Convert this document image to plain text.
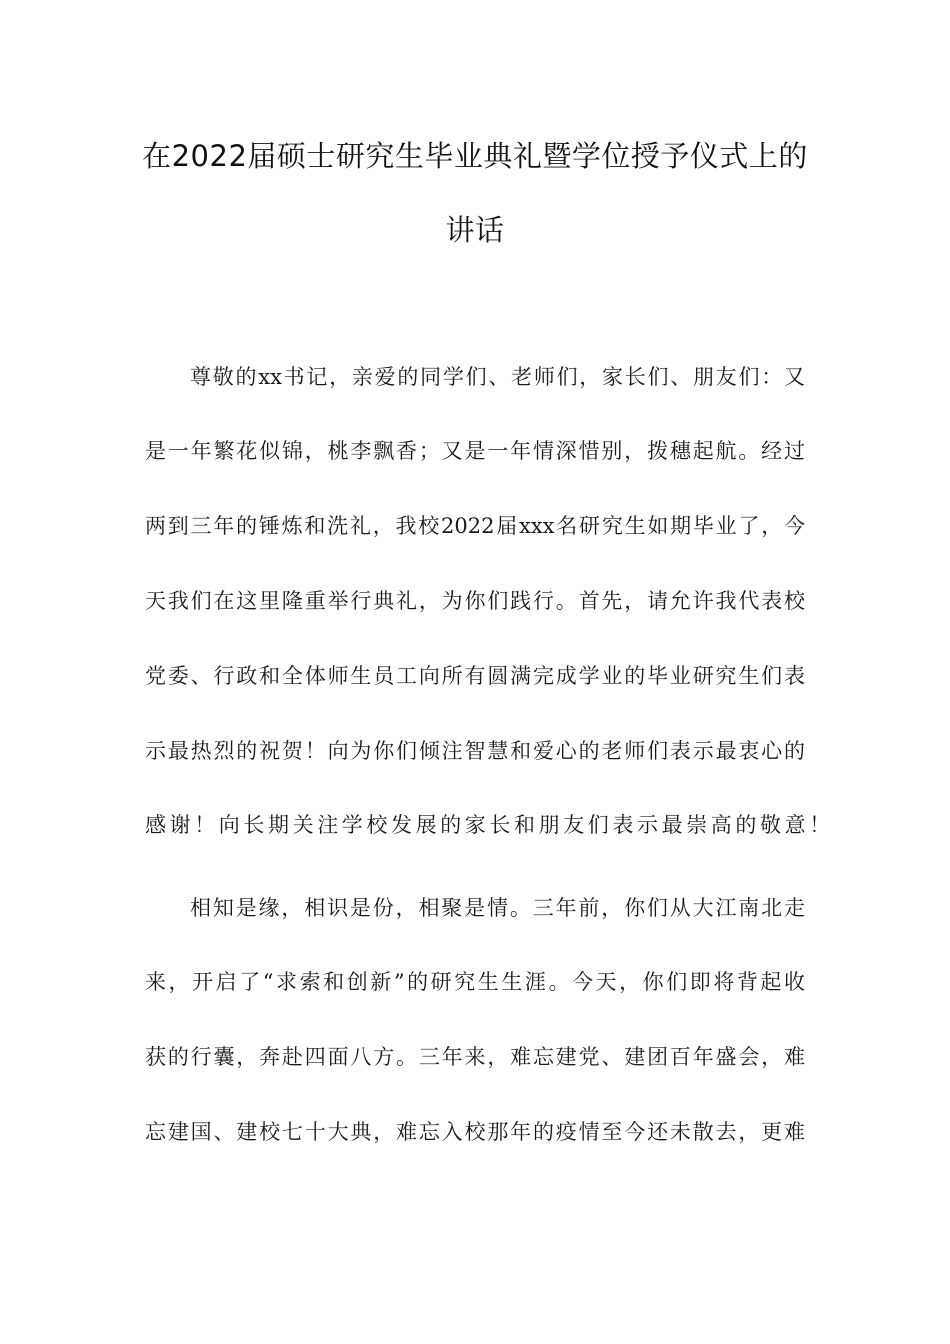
在2022届硕士研究生毕业典礼暨学位授予仪式上的
讲话
尊敬的xx书记，亲爱的同学们、老师们，家长们、朋友们：又
是一年繁花似锦，桃李飘香；又是一年情深惜别，拨穗起航。经过
两到三年的锤炼和洗礼，我校2022届xxx名研究生如期毕业了，今
天我们在这里隆重举行典礼，为你们践行。首先，请允许我代表校
党委、行政和全体师生员工向所有圆满完成学业的毕业研究生们表
示最热烈的祝贺！向为你们倾注智慧和爱心的老师们表示最衷心的
感谢！向长期关注学校发展的家长和朋友们表示最崇高的敬意！
相知是缘，相识是份，相聚是情。三年前，你们从大江南北走
来，开启了“求索和创新”的研究生生涯。今天，你们即将背起收
获的行囊，奔赴四面八方。三年来，难忘建党、建团百年盛会，难
忘建国、建校七十大典，难忘入校那年的疫情至今还未散去，更难
